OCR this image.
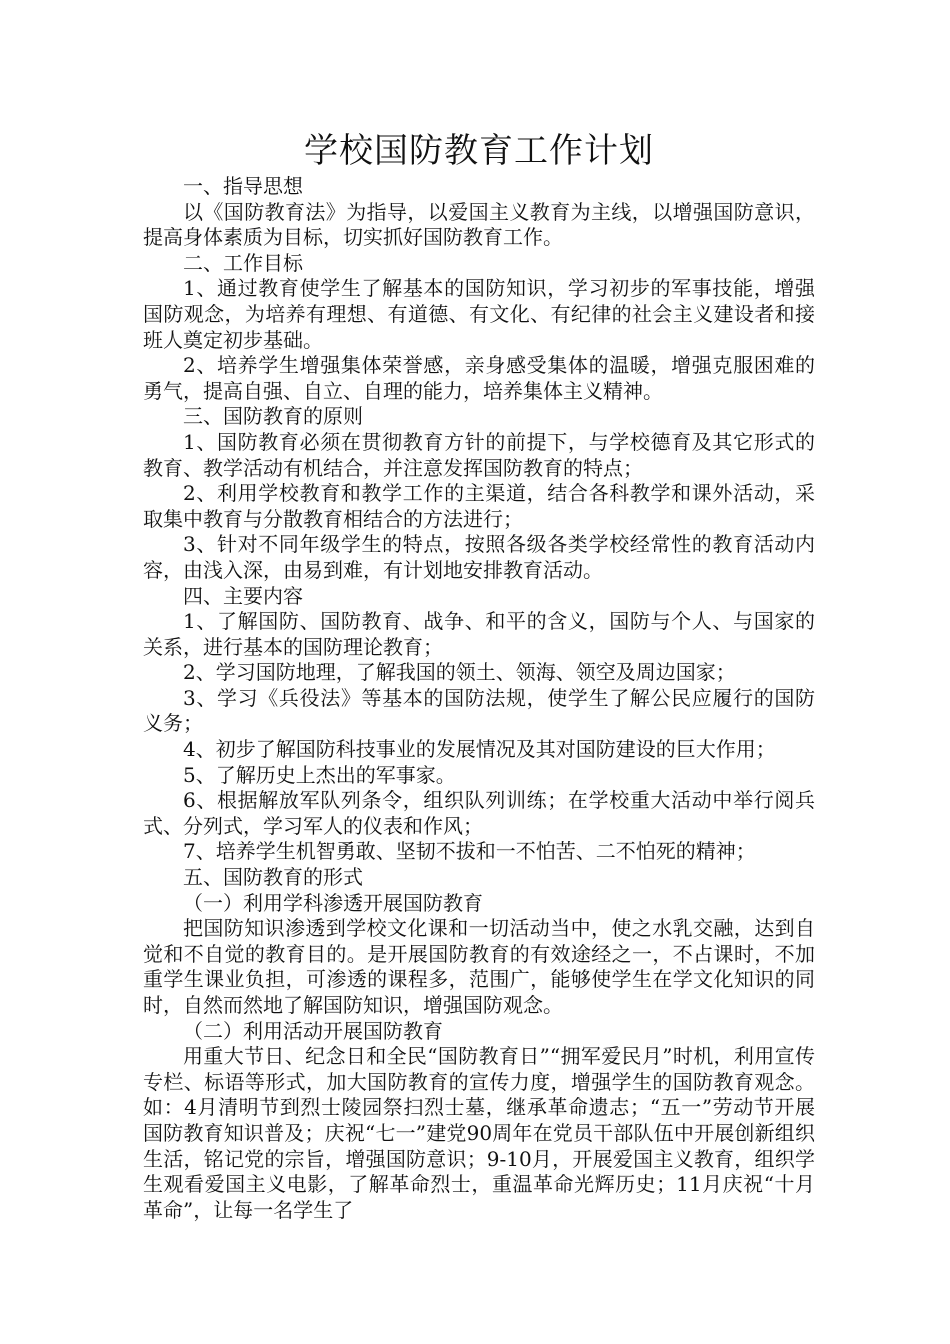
学校国防教育工作计划

一、指导思想

以《国防教育法》为指导，以爱国主义教育为主线，以增强国防意识，提高身体素质为目标，切实抓好国防教育工作。

二、工作目标

1、通过教育使学生了解基本的国防知识，学习初步的军事技能，增强国防观念，为培养有理想、有道德、有文化、有纪律的社会主义建设者和接班人奠定初步基础。

2、培养学生增强集体荣誉感，亲身感受集体的温暖，增强克服困难的勇气，提高自强、自立、自理的能力，培养集体主义精神。

三、国防教育的原则

1、国防教育必须在贯彻教育方针的前提下，与学校德育及其它形式的教育、教学活动有机结合，并注意发挥国防教育的特点；

2、利用学校教育和教学工作的主渠道，结合各科教学和课外活动，采取集中教育与分散教育相结合的方法进行；

3、针对不同年级学生的特点，按照各级各类学校经常性的教育活动内容，由浅入深，由易到难，有计划地安排教育活动。

四、主要内容

1、了解国防、国防教育、战争、和平的含义，国防与个人、与国家的关系，进行基本的国防理论教育；

2、学习国防地理，了解我国的领土、领海、领空及周边国家；

3、学习《兵役法》等基本的国防法规，使学生了解公民应履行的国防义务；

4、初步了解国防科技事业的发展情况及其对国防建设的巨大作用；

5、了解历史上杰出的军事家。

6、根据解放军队列条令，组织队列训练；在学校重大活动中举行阅兵式、分列式，学习军人的仪表和作风；

7、培养学生机智勇敢、坚韧不拔和一不怕苦、二不怕死的精神；

五、国防教育的形式

（一）利用学科渗透开展国防教育

把国防知识渗透到学校文化课和一切活动当中，使之水乳交融，达到自觉和不自觉的教育目的。是开展国防教育的有效途经之一，不占课时，不加重学生课业负担，可渗透的课程多，范围广，能够使学生在学文化知识的同时，自然而然地了解国防知识，增强国防观念。

（二）利用活动开展国防教育

用重大节日、纪念日和全民“国防教育日”“拥军爱民月”时机，利用宣传专栏、标语等形式，加大国防教育的宣传力度，增强学生的国防教育观念。如：4月清明节到烈士陵园祭扫烈士墓，继承革命遗志；“五一”劳动节开展国防教育知识普及；庆祝“七一”建党90周年在党员干部队伍中开展创新组织生活，铭记党的宗旨，增强国防意识；9-10月，开展爱国主义教育，组织学生观看爱国主义电影，了解革命烈士，重温革命光辉历史；11月庆祝“十月革命”，让每一名学生了
